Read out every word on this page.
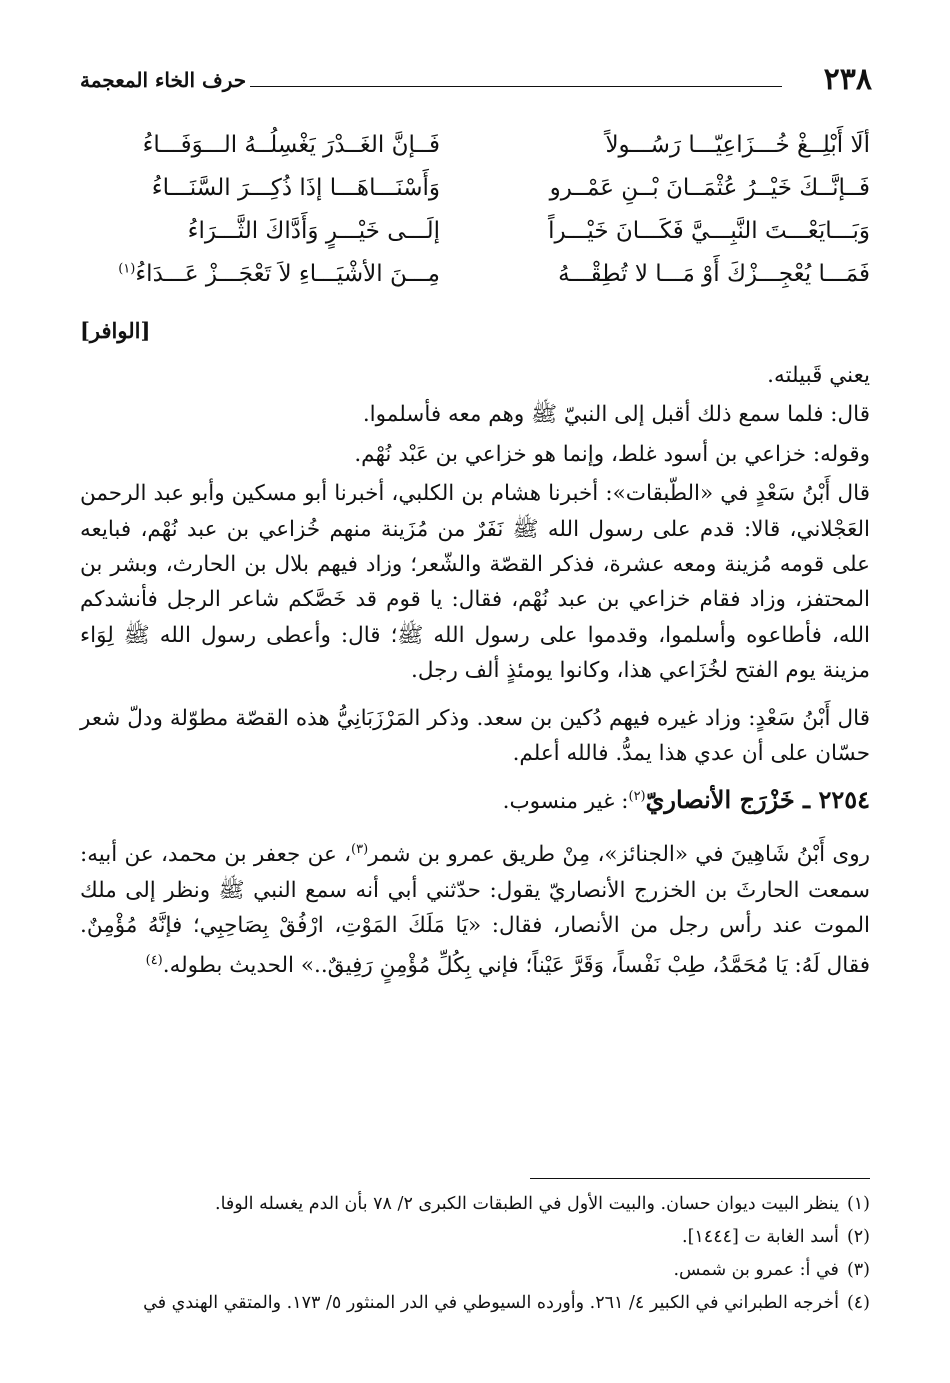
٢٣٨
حرف الخاء المعجمة
ألَا أَبْلِــغْ خُـــزَاعِيّـــا رَسُـــولاً
فَــإنَّ الغَــدْرَ يَغْسِلُــهُ الـــوَفَـــاءُ
فَــإنَّــكَ خَيْــرُ عُثْمَــانَ بْــنِ عَمْــرو
وَأَسْنَـــاهَـــا إذَا ذُكِـــرَ السَّنَـــاءُ
وَبَـــايَعْـــتَ النَّبِـــيَّ فَكَـــانَ خَيْـــراً
إلَـــى خَيْـــرٍ وَأَدَّاكَ الثَّـــرَاءُ
فَمَـــا يُعْجِـــزْكَ أَوْ مَـــا لا تُطِقْـــهُ
مِـــنَ الأشْيَـــاءِ لاَ تَعْجَـــزْ عَـــدَاءُ$^{(١)}$
[الوافر]

يعني قَبيلته.

قال: فلما سمع ذلك أقبل إلى النبيّ ﷺ وهم معه فأسلموا.

وقوله: خزاعي بن أسود غلط، وإنما هو خزاعي بن عَبْد نُهْم.

قال أَبْنُ سَعْدٍ في «الطّبقات»: أخبرنا هشام بن الكلبي، أخبرنا أبو مسكين وأبو عبد الرحمن العَجْلاني، قالا: قدم على رسول الله ﷺ نَفَرٌ من مُزَينة منهم خُزاعي بن عبد نُهْم، فبايعه على قومه مُزينة ومعه عشرة، فذكر القصّة والشّعر؛ وزاد فيهم بلال بن الحارث، وبشر بن المحتفز، وزاد فقام خزاعي بن عبد نُهْم، فقال: يا قوم قد خَصَّكم شاعر الرجل فأنشدكم الله، فأطاعوه وأسلموا، وقدموا على رسول الله ﷺ؛ قال: وأعطى رسول الله ﷺ لِوَاء مزينة يوم الفتح لخُزَاعي هذا، وكانوا يومئذٍ ألف رجل.

قال أَبْنُ سَعْدٍ: وزاد غيره فيهم دُكين بن سعد. وذكر المَرْزَبَانِيُّ هذه القصّة مطوّلة ودلّ شعر حسّان على أن عدي هذا يمدُّ. فالله أعلم.

٢٢٥٤ ـ خَزْرَج الأنصاريّ$^{(٢)}$: غير منسوب.

روى أَبْنُ شَاهِينَ في «الجنائز»، مِنْ طريق عمرو بن شمر$^{(٣)}$، عن جعفر بن محمد، عن أبيه: سمعت الحارثَ بن الخزرج الأنصاريّ يقول: حدّثني أبي أنه سمع النبي ﷺ ونظر إلى ملك الموت عند رأس رجل من الأنصار، فقال: «يَا مَلَكَ المَوْتِ، ارْفُقْ بِصَاحِبِي؛ فإنَّهُ مُؤْمِنٌ. فقال لَهُ: يَا مُحَمَّدُ، طِبْ نَفْساً، وَقَرَّ عَيْناً؛ فإني بِكُلِّ مُؤْمِنٍ رَفِيقٌ..» الحديث بطوله.$^{(٤)}$

(١)ينظر البيت ديوان حسان. والبيت الأول في الطبقات الكبرى ٢/ ٧٨ بأن الدم يغسله الوفا.
(٢)أسد الغابة ت [١٤٤٤].
(٣)في أ: عمرو بن شمس.
(٤)أخرجه الطبراني في الكبير ٤/ ٢٦١. وأورده السيوطي في الدر المنثور ٥/ ١٧٣. والمتقي الهندي في
